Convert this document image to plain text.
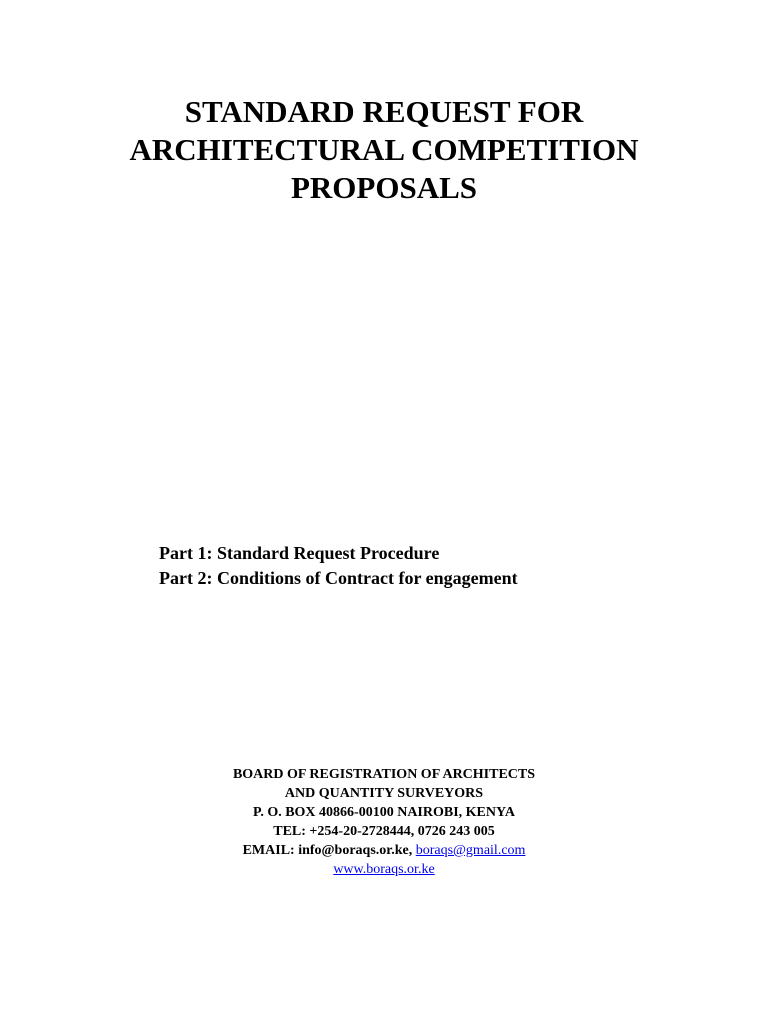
STANDARD REQUEST FOR
ARCHITECTURAL COMPETITION
PROPOSALS
Part 1: Standard Request Procedure
Part 2: Conditions of Contract for engagement
BOARD OF REGISTRATION OF ARCHITECTS
AND QUANTITY SURVEYORS
P. O. BOX 40866-00100 NAIROBI, KENYA
TEL: +254-20-2728444, 0726 243 005
EMAIL: info@boraqs.or.ke, boraqs@gmail.com
www.boraqs.or.ke
